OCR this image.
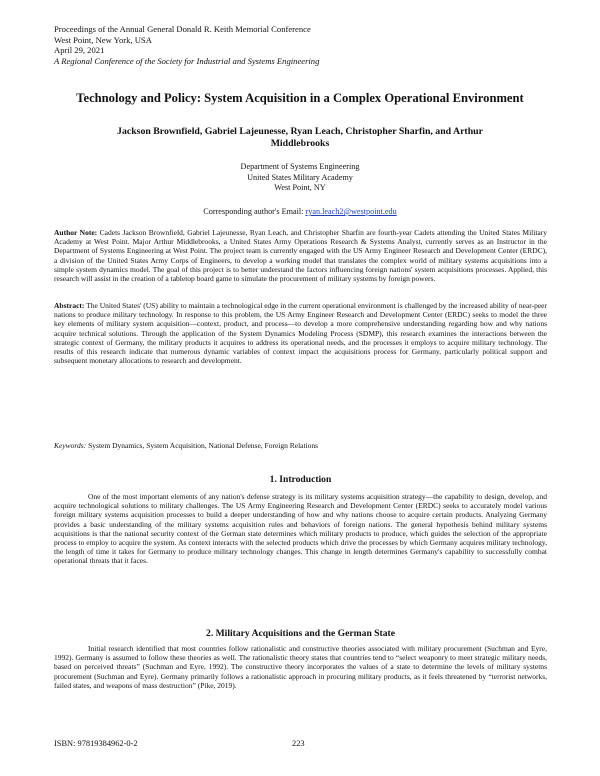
Proceedings of the Annual General Donald R. Keith Memorial Conference
West Point, New York, USA
April 29, 2021
A Regional Conference of the Society for Industrial and Systems Engineering
Technology and Policy: System Acquisition in a Complex Operational Environment
Jackson Brownfield, Gabriel Lajeunesse, Ryan Leach, Christopher Sharfin, and Arthur Middlebrooks
Department of Systems Engineering
United States Military Academy
West Point, NY
Corresponding author's Email: ryan.leach2@westpoint.edu
Author Note: Cadets Jackson Brownfield, Gabriel Lajeunesse, Ryan Leach, and Christopher Sharfin are fourth-year Cadets attending the United States Military Academy at West Point. Major Arthur Middlebrooks, a United States Army Operations Research & Systems Analyst, currently serves as an Instructor in the Department of Systems Engineering at West Point. The project team is currently engaged with the US Army Engineer Research and Development Center (ERDC), a division of the United States Army Corps of Engineers, to develop a working model that translates the complex world of military systems acquisitions into a simple system dynamics model. The goal of this project is to better understand the factors influencing foreign nations' system acquisitions processes. Applied, this research will assist in the creation of a tabletop board game to simulate the procurement of military systems by foreign powers.
Abstract: The United States' (US) ability to maintain a technological edge in the current operational environment is challenged by the increased ability of near-peer nations to produce military technology. In response to this problem, the US Army Engineer Research and Development Center (ERDC) seeks to model the three key elements of military system acquisition—context, product, and process—to develop a more comprehensive understanding regarding how and why nations acquire technical solutions. Through the application of the System Dynamics Modeling Process (SDMP), this research examines the interactions between the strategic context of Germany, the military products it acquires to address its operational needs, and the processes it employs to acquire military technology. The results of this research indicate that numerous dynamic variables of context impact the acquisitions process for Germany, particularly political support and subsequent monetary allocations to research and development.
Keywords: System Dynamics, System Acquisition, National Defense, Foreign Relations
1. Introduction
One of the most important elements of any nation's defense strategy is its military systems acquisition strategy—the capability to design, develop, and acquire technological solutions to military challenges. The US Army Engineering Research and Development Center (ERDC) seeks to accurately model various foreign military systems acquisition processes to build a deeper understanding of how and why nations choose to acquire certain products. Analyzing Germany provides a basic understanding of the military systems acquisition rules and behaviors of foreign nations. The general hypothesis behind military systems acquisitions is that the national security context of the German state determines which military products to produce, which guides the selection of the appropriate process to employ to acquire the system. As context interacts with the selected products which drive the processes by which Germany acquires military technology, the length of time it takes for Germany to produce military technology changes. This change in length determines Germany's capability to successfully combat operational threats that it faces.
2. Military Acquisitions and the German State
Initial research identified that most countries follow rationalistic and constructive theories associated with military procurement (Suchman and Eyre, 1992). Germany is assumed to follow these theories as well. The rationalistic theory states that countries tend to “select weaponry to meet strategic military needs, based on perceived threats” (Suchman and Eyre, 1992). The constructive theory incorporates the values of a state to determine the levels of military systems procurement (Suchman and Eyre). Germany primarily follows a rationalistic approach in procuring military products, as it feels threatened by “terrorist networks, failed states, and weapons of mass destruction” (Pike, 2019).
ISBN: 97819384962-0-2	223
